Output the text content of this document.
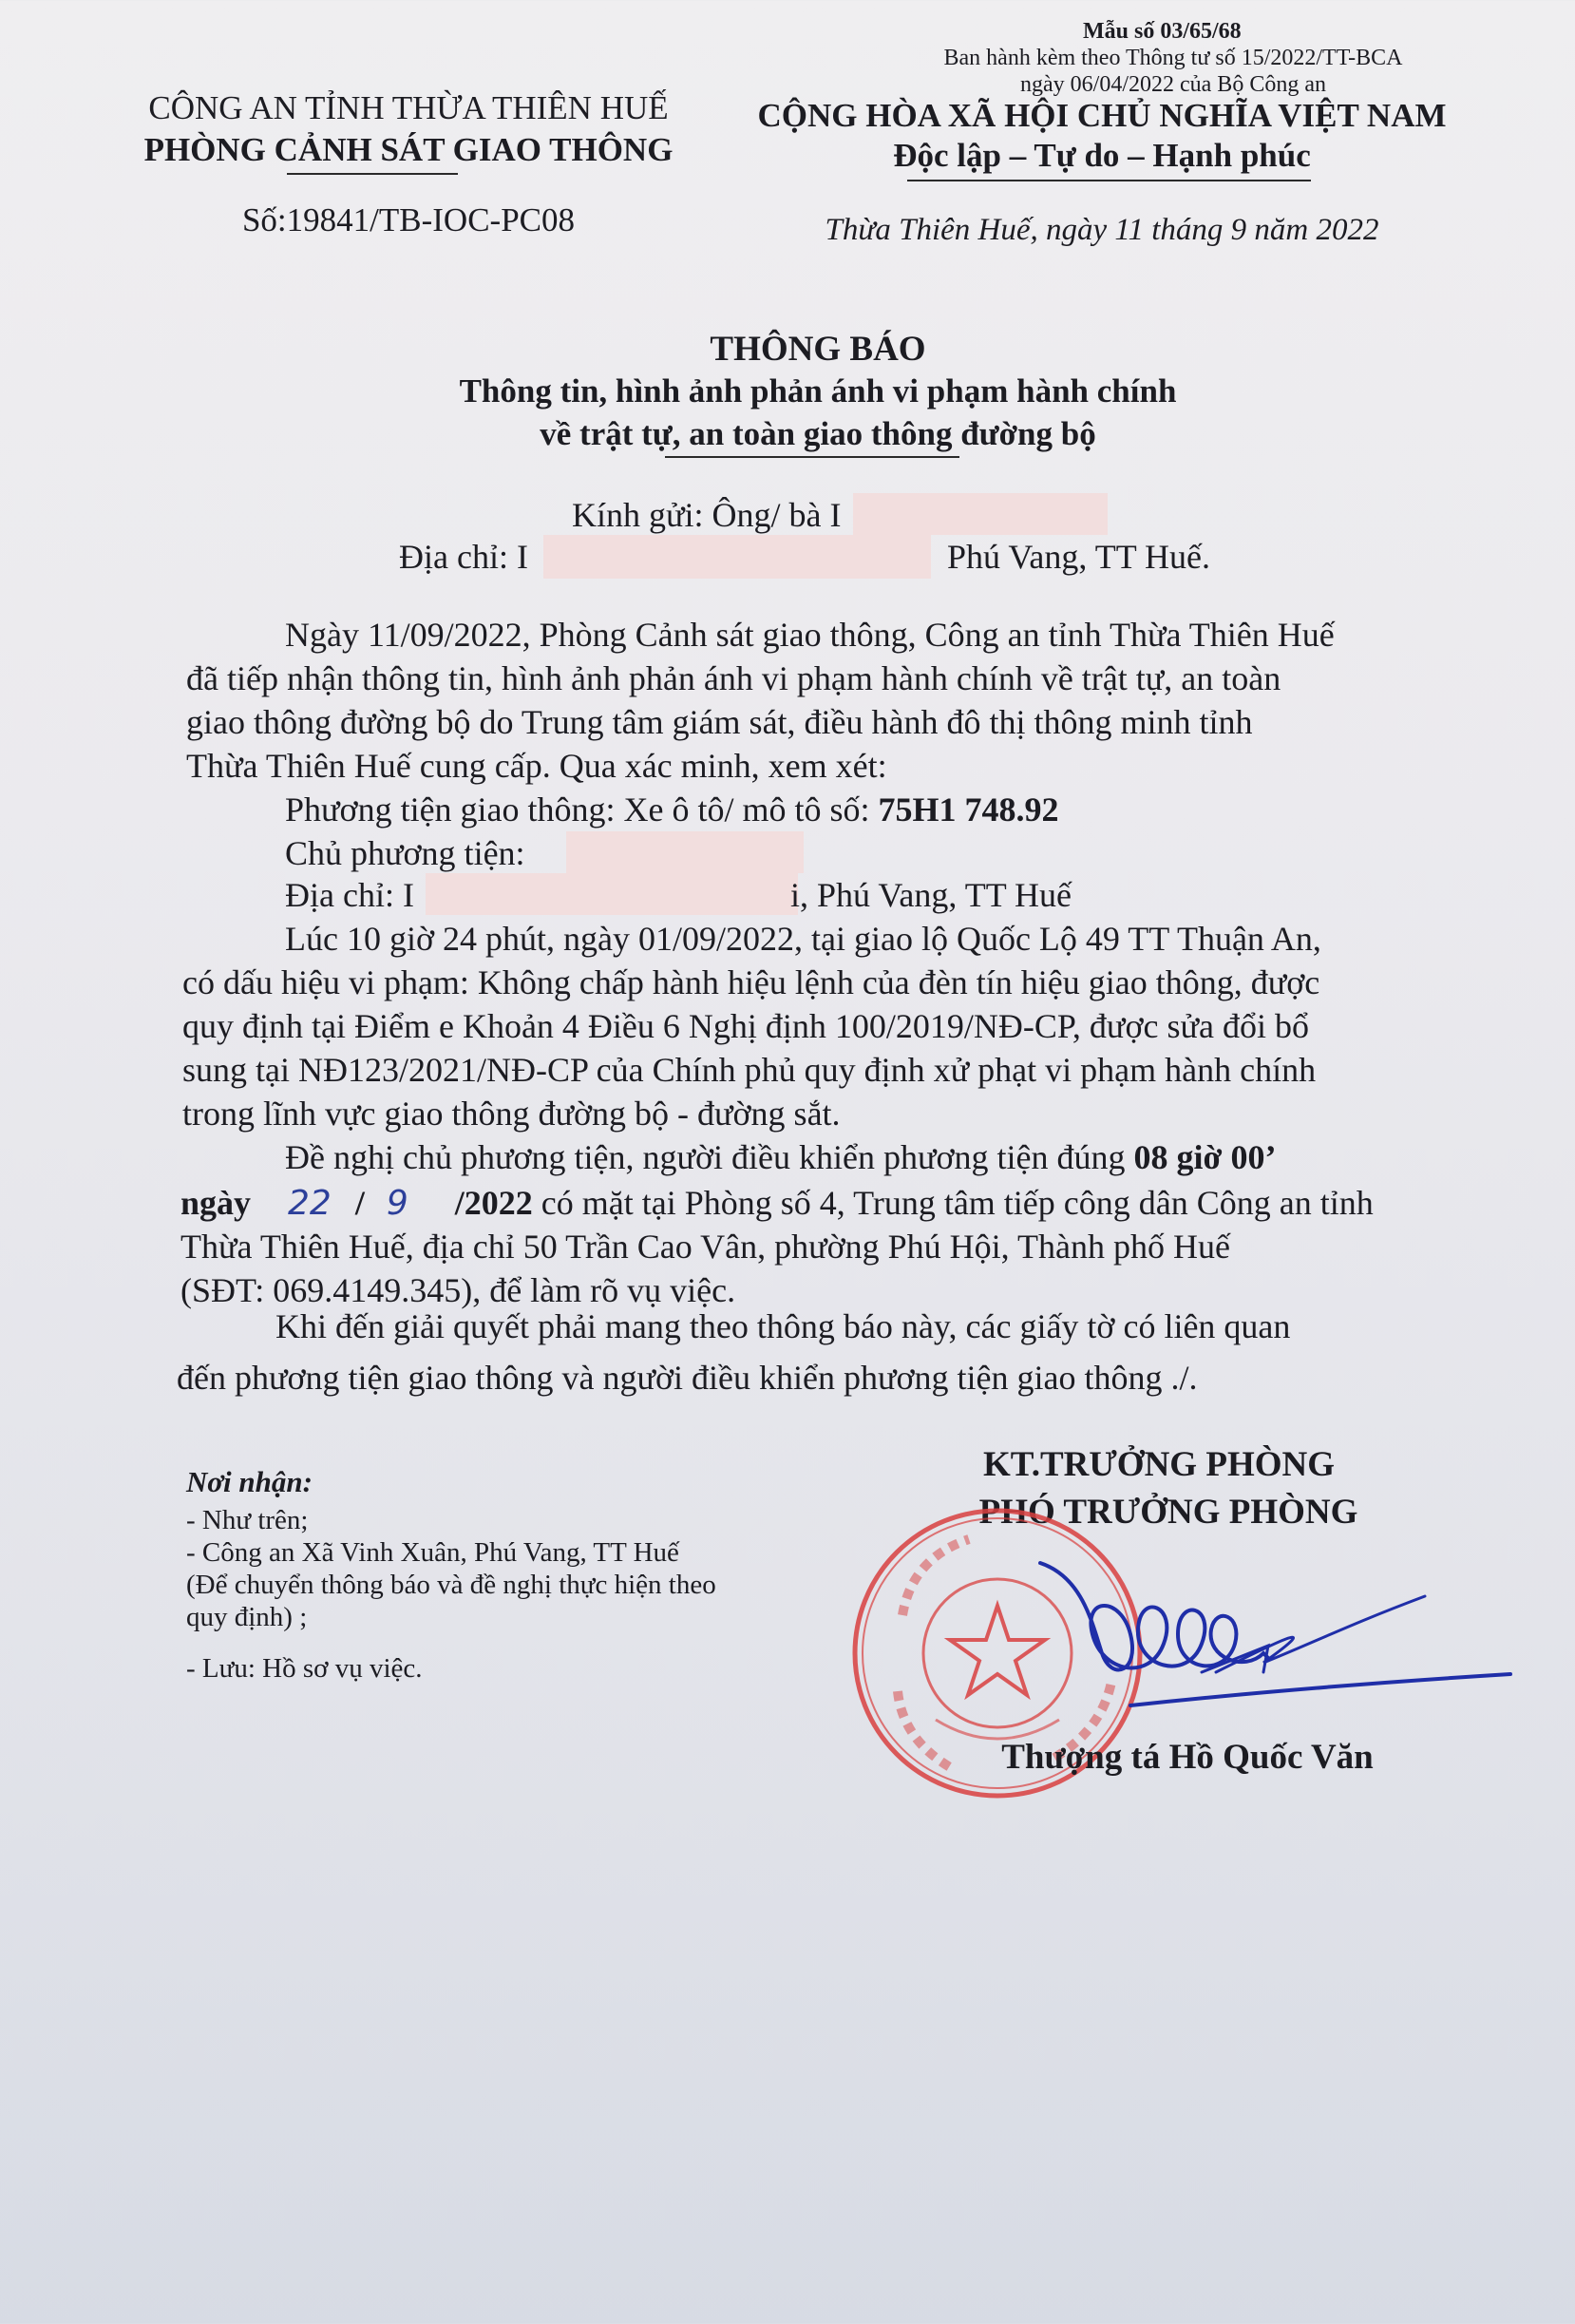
Mẫu số 03/65/68
Ban hành kèm theo Thông tư số 15/2022/TT-BCA
ngày 06/04/2022 của Bộ Công an
CÔNG AN TỈNH THỪA THIÊN HUẾ
PHÒNG CẢNH SÁT GIAO THÔNG
Số:19841/TB-IOC-PC08
CỘNG HÒA XÃ HỘI CHỦ NGHĨA VIỆT NAM
Độc lập – Tự do – Hạnh phúc
Thừa Thiên Huế, ngày 11 tháng 9 năm 2022
THÔNG BÁO
Thông tin, hình ảnh phản ánh vi phạm hành chính
về trật tự, an toàn giao thông đường bộ
Kính gửi: Ông/ bà I
Địa chỉ: I	Phú Vang, TT Huế.
Ngày 11/09/2022, Phòng Cảnh sát giao thông, Công an tỉnh Thừa Thiên Huế
đã tiếp nhận thông tin, hình ảnh phản ánh vi phạm hành chính về trật tự, an toàn
giao thông đường bộ do Trung tâm giám sát, điều hành đô thị thông minh tỉnh
Thừa Thiên Huế cung cấp. Qua xác minh, xem xét:
Phương tiện giao thông: Xe ô tô/ mô tô số: 75H1 748.92
Chủ phương tiện:
Địa chỉ: I	i, Phú Vang, TT Huế
Lúc 10 giờ 24 phút, ngày 01/09/2022, tại giao lộ Quốc Lộ 49 TT Thuận An,
có dấu hiệu vi phạm: Không chấp hành hiệu lệnh của đèn tín hiệu giao thông, được
quy định tại Điểm e Khoản 4 Điều 6 Nghị định 100/2019/NĐ-CP, được sửa đổi bổ
sung tại NĐ123/2021/NĐ-CP của Chính phủ quy định xử phạt vi phạm hành chính
trong lĩnh vực giao thông đường bộ - đường sắt.
Đề nghị chủ phương tiện, người điều khiển phương tiện đúng 08 giờ 00’
ngày 22 / 9 /2022 có mặt tại Phòng số 4, Trung tâm tiếp công dân Công an tỉnh
Thừa Thiên Huế, địa chỉ 50 Trần Cao Vân, phường Phú Hội, Thành phố Huế
(SĐT: 069.4149.345), để làm rõ vụ việc.
Khi đến giải quyết phải mang theo thông báo này, các giấy tờ có liên quan
đến phương tiện giao thông và người điều khiển phương tiện giao thông ./.
Nơi nhận:
- Như trên;
- Công an Xã Vinh Xuân, Phú Vang, TT Huế
(Để chuyển thông báo và đề nghị thực hiện theo
quy định) ;
- Lưu: Hồ sơ vụ việc.
KT.TRƯỞNG PHÒNG
PHÓ TRƯỞNG PHÒNG
Thượng tá Hồ Quốc Văn
